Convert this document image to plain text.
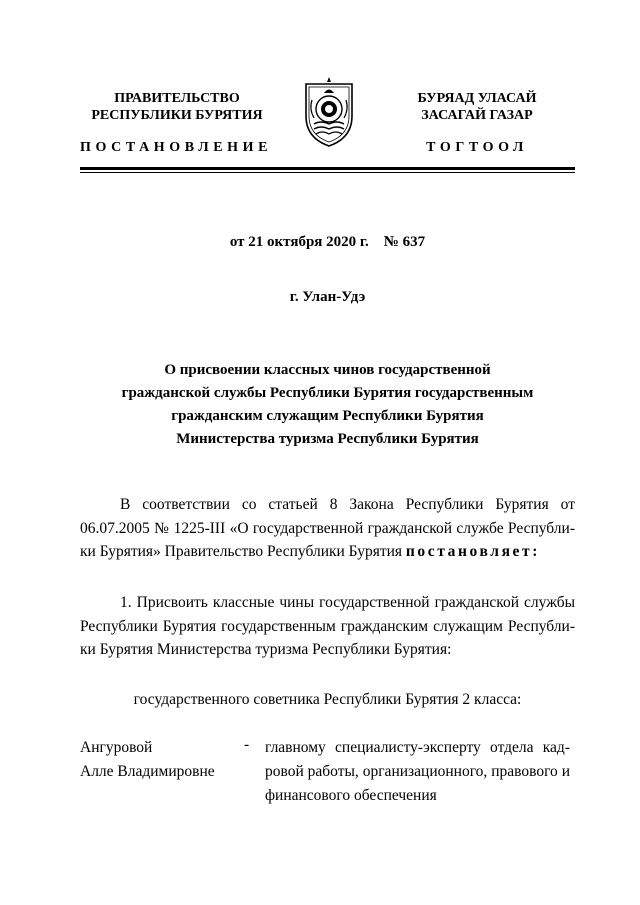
ПРАВИТЕЛЬСТВО
РЕСПУБЛИКИ БУРЯТИЯ
ПОСТАНОВЛЕНИЕ
БУРЯАД УЛАСАЙ
ЗАСАГАЙ ГАЗАР
ТОГТООЛ
от 21 октября 2020 г. № 637
г. Улан-Удэ
О присвоении классных чинов государственной
гражданской службы Республики Бурятия государственным
гражданским служащим Республики Бурятия
Министерства туризма Республики Бурятия
В соответствии со статьей 8 Закона Республики Бурятия от
06.07.2005 № 1225-III «О государственной гражданской службе Республи-
ки Бурятия» Правительство Республики Бурятия постановляет:
1. Присвоить классные чины государственной гражданской службы
Республики Бурятия государственным гражданским служащим Республи-
ки Бурятия Министерства туризма Республики Бурятия:
государственного советника Республики Бурятия 2 класса:
Ангуровой
Алле Владимировне
- главному специалисту-эксперту отдела кад-
ровой работы, организационного, правового и
финансового обеспечения
